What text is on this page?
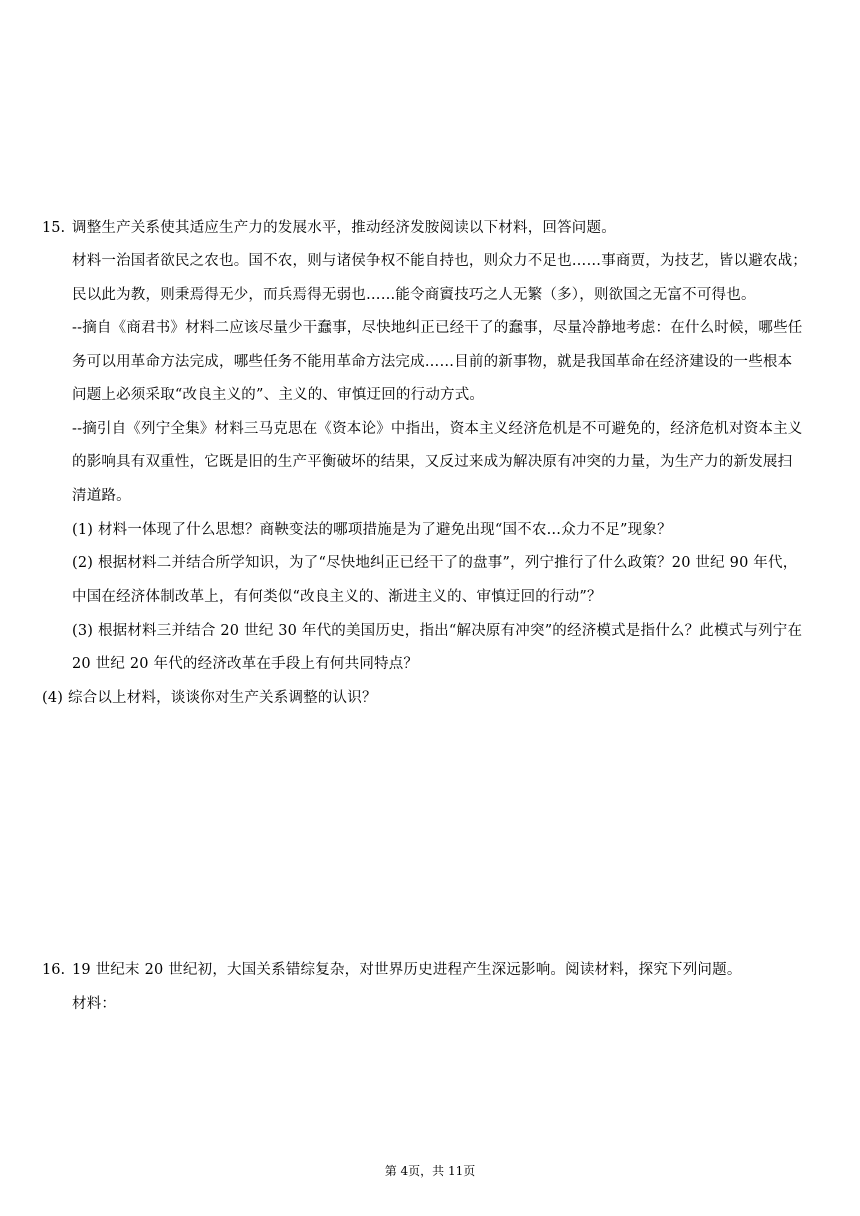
15. 调整生产关系使其适应生产力的发展水平，推动经济发胺阅读以下材料，回答问题。
材料一治国者欲民之农也。国不农，则与诸侯争权不能自持也，则众力不足也……事商贾，为技艺，皆以避农战；
民以此为教，则秉焉得无少，而兵焉得无弱也……能令商賨技巧之人无繁（多），则欲国之无富不可得也。
--摘自《商君书》材料二应该尽量少干蠢事，尽快地纠正已经干了的蠢事，尽量冷静地考虑：在什么时候，哪些任
务可以用革命方法完成，哪些任务不能用革命方法完成……目前的新事物，就是我国革命在经济建设的一些根本
问题上必须采取“改良主义的”、主义的、审慎迂回的行动方式。
--摘引自《列宁全集》材料三马克思在《资本论》中指出，资本主义经济危机是不可避免的，经济危机对资本主义
的影响具有双重性，它既是旧的生产平衡破坏的结果，又反过来成为解决原有冲突的力量，为生产力的新发展扫
清道路。
(1) 材料一体现了什么思想？商鞅变法的哪项措施是为了避免出现“国不农…众力不足”现象？
(2) 根据材料二并结合所学知识，为了“尽快地纠正已经干了的盘事”，列宁推行了什么政策？20 世纪 90 年代，
中国在经济体制改革上，有何类似“改良主义的、渐进主义的、审慎迂回的行动”？
(3) 根据材料三并结合 20 世纪 30 年代的美国历史，指出“解决原有冲突”的经济模式是指什么？此模式与列宁在
20 世纪 20 年代的经济改革在手段上有何共同特点？
(4) 综合以上材料，谈谈你对生产关系调整的认识？
16. 19 世纪末 20 世纪初，大国关系错综复杂，对世界历史进程产生深远影响。阅读材料，探究下列问题。
材料：
第 4页，共 11页
